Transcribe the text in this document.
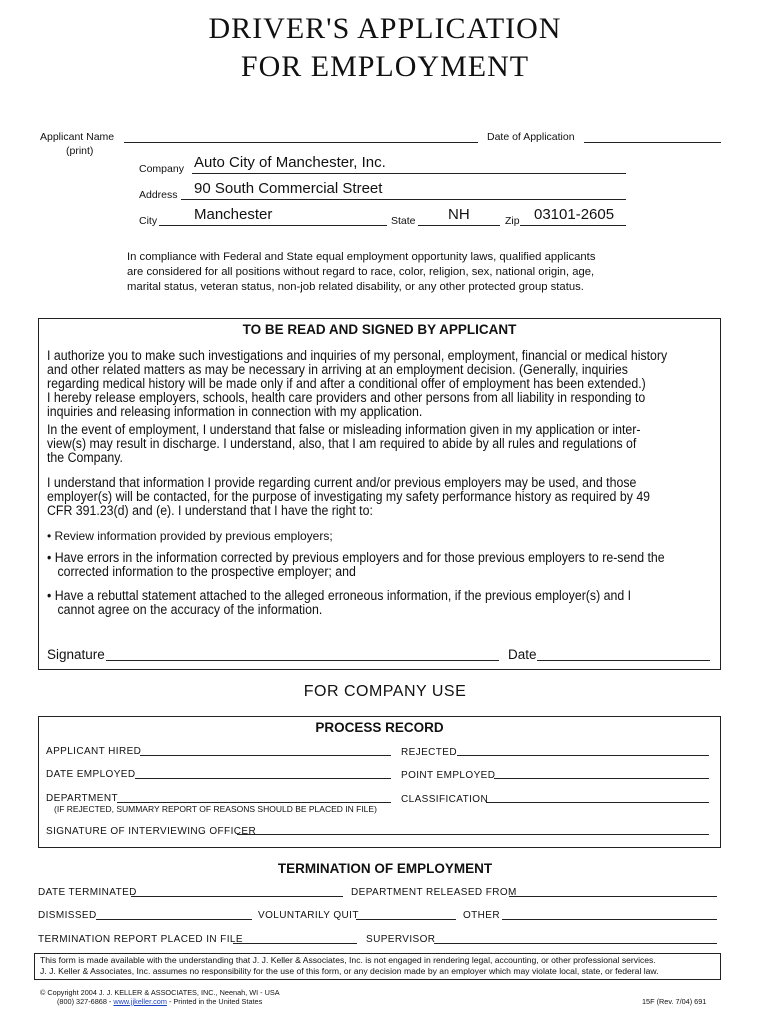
DRIVER'S APPLICATION
FOR EMPLOYMENT
Applicant Name
(print)
Date of Application
Company Auto City of Manchester, Inc.
Address 90 South Commercial Street
City Manchester	State NH	Zip 03101-2605
In compliance with Federal and State equal employment opportunity laws, qualified applicants
are considered for all positions without regard to race, color, religion, sex, national origin, age,
marital status, veteran status, non-job related disability, or any other protected group status.
TO BE READ AND SIGNED BY APPLICANT
I authorize you to make such investigations and inquiries of my personal, employment, financial or medical history
and other related matters as may be necessary in arriving at an employment decision. (Generally, inquiries
regarding medical history will be made only if and after a conditional offer of employment has been extended.)
I hereby release employers, schools, health care providers and other persons from all liability in responding to
inquiries and releasing information in connection with my application.
In the event of employment, I understand that false or misleading information given in my application or inter-
view(s) may result in discharge. I understand, also, that I am required to abide by all rules and regulations of
the Company.
I understand that information I provide regarding current and/or previous employers may be used, and those
employer(s) will be contacted, for the purpose of investigating my safety performance history as required by 49
CFR 391.23(d) and (e). I understand that I have the right to:
• Review information provided by previous employers;
• Have errors in the information corrected by previous employers and for those previous employers to re-send the
corrected information to the prospective employer; and
• Have a rebuttal statement attached to the alleged erroneous information, if the previous employer(s) and I
cannot agree on the accuracy of the information.
Signature	Date
FOR COMPANY USE
PROCESS RECORD
APPLICANT HIRED	REJECTED
DATE EMPLOYED	POINT EMPLOYED
DEPARTMENT	CLASSIFICATION
(IF REJECTED, SUMMARY REPORT OF REASONS SHOULD BE PLACED IN FILE)
SIGNATURE OF INTERVIEWING OFFICER
TERMINATION OF EMPLOYMENT
DATE TERMINATED	DEPARTMENT RELEASED FROM
DISMISSED	VOLUNTARILY QUIT	OTHER
TERMINATION REPORT PLACED IN FILE	SUPERVISOR
This form is made available with the understanding that J. J. Keller & Associates, Inc. is not engaged in rendering legal, accounting, or other professional services.
J. J. Keller & Associates, Inc. assumes no responsibility for the use of this form, or any decision made by an employer which may violate local, state, or federal law.
© Copyright 2004 J. J. KELLER & ASSOCIATES, INC., Neenah, WI - USA
(800) 327-6868 - www.jjkeller.com - Printed in the United States	15F (Rev. 7/04) 691
